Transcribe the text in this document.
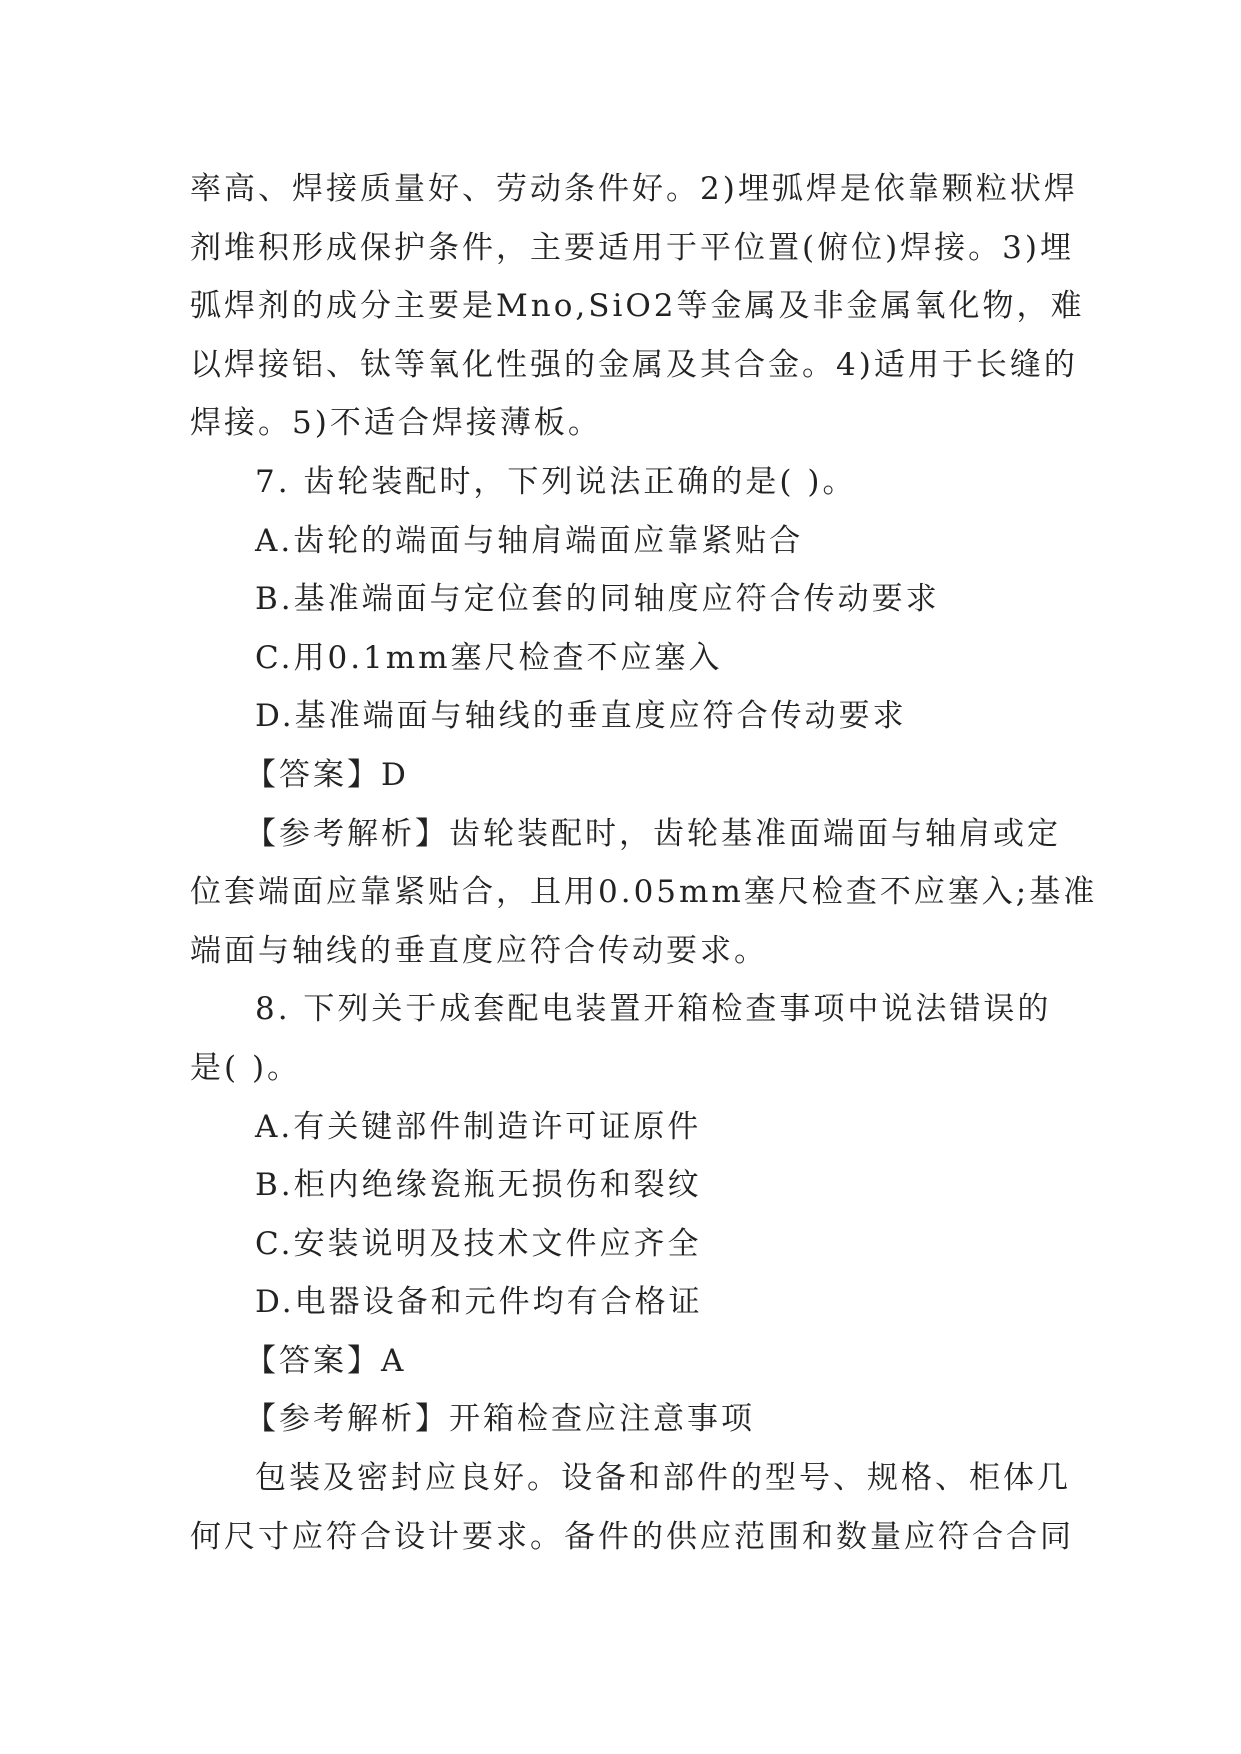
率高、焊接质量好、劳动条件好。2)埋弧焊是依靠颗粒状焊
剂堆积形成保护条件，主要适用于平位置(俯位)焊接。3)埋
弧焊剂的成分主要是Mno,SiO2等金属及非金属氧化物，难
以焊接铝、钛等氧化性强的金属及其合金。4)适用于长缝的
焊接。5)不适合焊接薄板。
7. 齿轮装配时，下列说法正确的是( )。
A.齿轮的端面与轴肩端面应靠紧贴合
B.基准端面与定位套的同轴度应符合传动要求
C.用0.1mm塞尺检查不应塞入
D.基准端面与轴线的垂直度应符合传动要求
【答案】D
【参考解析】齿轮装配时，齿轮基准面端面与轴肩或定
位套端面应靠紧贴合，且用0.05mm塞尺检查不应塞入;基准
端面与轴线的垂直度应符合传动要求。
8. 下列关于成套配电装置开箱检查事项中说法错误的
是( )。
A.有关键部件制造许可证原件
B.柜内绝缘瓷瓶无损伤和裂纹
C.安装说明及技术文件应齐全
D.电器设备和元件均有合格证
【答案】A
【参考解析】开箱检查应注意事项
包装及密封应良好。设备和部件的型号、规格、柜体几
何尺寸应符合设计要求。备件的供应范围和数量应符合合同
